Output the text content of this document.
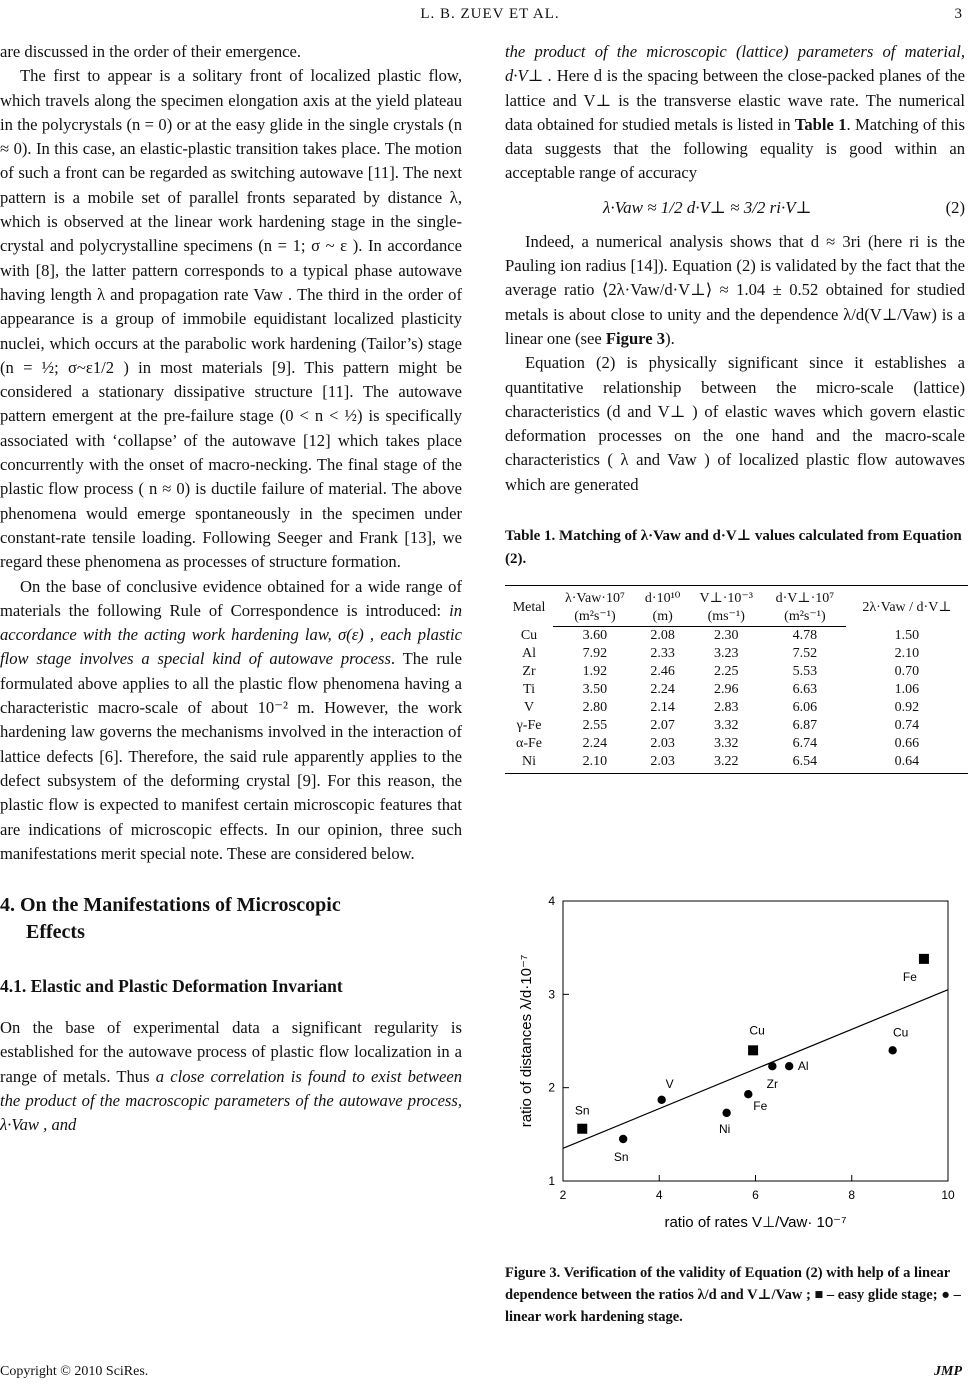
L. B. ZUEV ET AL.	3

are discussed in the order of their emergence.

The first to appear is a solitary front of localized plastic flow, which travels along the specimen elongation axis at the yield plateau in the polycrystals (n = 0) or at the easy glide in the single crystals (n ≈ 0). In this case, an elastic-plastic transition takes place. The motion of such a front can be regarded as switching autowave [11]. The next pattern is a mobile set of parallel fronts separated by distance λ, which is observed at the linear work hardening stage in the single-crystal and polycrystalline specimens (n = 1; σ ~ ε ). In accordance with [8], the latter pattern corresponds to a typical phase autowave having length λ and propagation rate Vaw . The third in the order of appearance is a group of immobile equidistant localized plasticity nuclei, which occurs at the parabolic work hardening (Tailor’s) stage (n = ½; σ~ε1/2 ) in most materials [9]. This pattern might be considered a stationary dissipative structure [11]. The autowave pattern emergent at the pre-failure stage (0 < n < ½) is specifically associated with ‘collapse’ of the autowave [12] which takes place concurrently with the onset of macro-necking. The final stage of the plastic flow process ( n ≈ 0) is ductile failure of material. The above phenomena would emerge spontaneously in the specimen under constant-rate tensile loading. Following Seeger and Frank [13], we regard these phenomena as processes of structure formation.

On the base of conclusive evidence obtained for a wide range of materials the following Rule of Correspondence is introduced: in accordance with the acting work hardening law, σ(ε) , each plastic flow stage involves a special kind of autowave process. The rule formulated above applies to all the plastic flow phenomena having a characteristic macro-scale of about 10⁻² m. However, the work hardening law governs the mechanisms involved in the interaction of lattice defects [6]. Therefore, the said rule apparently applies to the defect subsystem of the deforming crystal [9]. For this reason, the plastic flow is expected to manifest certain microscopic features that are indications of microscopic effects. In our opinion, three such manifestations merit special note. These are considered below.

4. On the Manifestations of Microscopic
Effects
4.1. Elastic and Plastic Deformation Invariant

On the base of experimental data a significant regularity is established for the autowave process of plastic flow localization in a range of metals. Thus a close correlation is found to exist between the product of the macroscopic parameters of the autowave process, λ·Vaw , and

the product of the microscopic (lattice) parameters of material, d·V⊥ . Here d is the spacing between the close-packed planes of the lattice and V⊥ is the transverse elastic wave rate. The numerical data obtained for studied metals is listed in Table 1. Matching of this data suggests that the following equality is good within an acceptable range of accuracy

λ·Vaw ≈ 1/2 d·V⊥ ≈ 3/2 ri·V⊥	(2)

Indeed, a numerical analysis shows that d ≈ 3ri (here ri is the Pauling ion radius [14]). Equation (2) is validated by the fact that the average ratio ⟨2λ·Vaw/d·V⊥⟩ ≈ 1.04 ± 0.52 obtained for studied metals is about close to unity and the dependence λ/d(V⊥/Vaw) is a linear one (see Figure 3).

Equation (2) is physically significant since it establishes a quantitative relationship between the micro-scale (lattice) characteristics (d and V⊥ ) of elastic waves which govern elastic deformation processes on the one hand and the macro-scale characteristics ( λ and Vaw ) of localized plastic flow autowaves which are generated

Table 1. Matching of λ·Vaw and d·V⊥ values calculated from Equation (2).
Metal	λ·Vaw·10⁷	d·10¹⁰	V⊥·10⁻³	d·V⊥·10⁷	2λ·Vaw / d·V⊥
	(m²s⁻¹)	(m)	(ms⁻¹)	(m²s⁻¹)	
Cu	3.60	2.08	2.30	4.78	1.50
Al	7.92	2.33	3.23	7.52	2.10
Zr	1.92	2.46	2.25	5.53	0.70
Ti	3.50	2.24	2.96	6.63	1.06
V	2.80	2.14	2.83	6.06	0.92
γ-Fe	2.55	2.07	3.32	6.87	0.74
α-Fe	2.24	2.03	3.32	6.74	0.66
Ni	2.10	2.03	3.22	6.54	0.64
2	4	6	8	10
1
2
3
4
Sn
Cu
Fe
Sn
V
Ni
Fe
Zr
Al
Cu
ratio of distances λ/d·10⁻⁷
ratio of rates V⊥/Vaw· 10⁻⁷
Figure 3. Verification of the validity of Equation (2) with help of a linear dependence between the ratios λ/d and V⊥/Vaw ; ■ – easy glide stage; ● – linear work hardening stage.
Copyright © 2010 SciRes.	JMP
